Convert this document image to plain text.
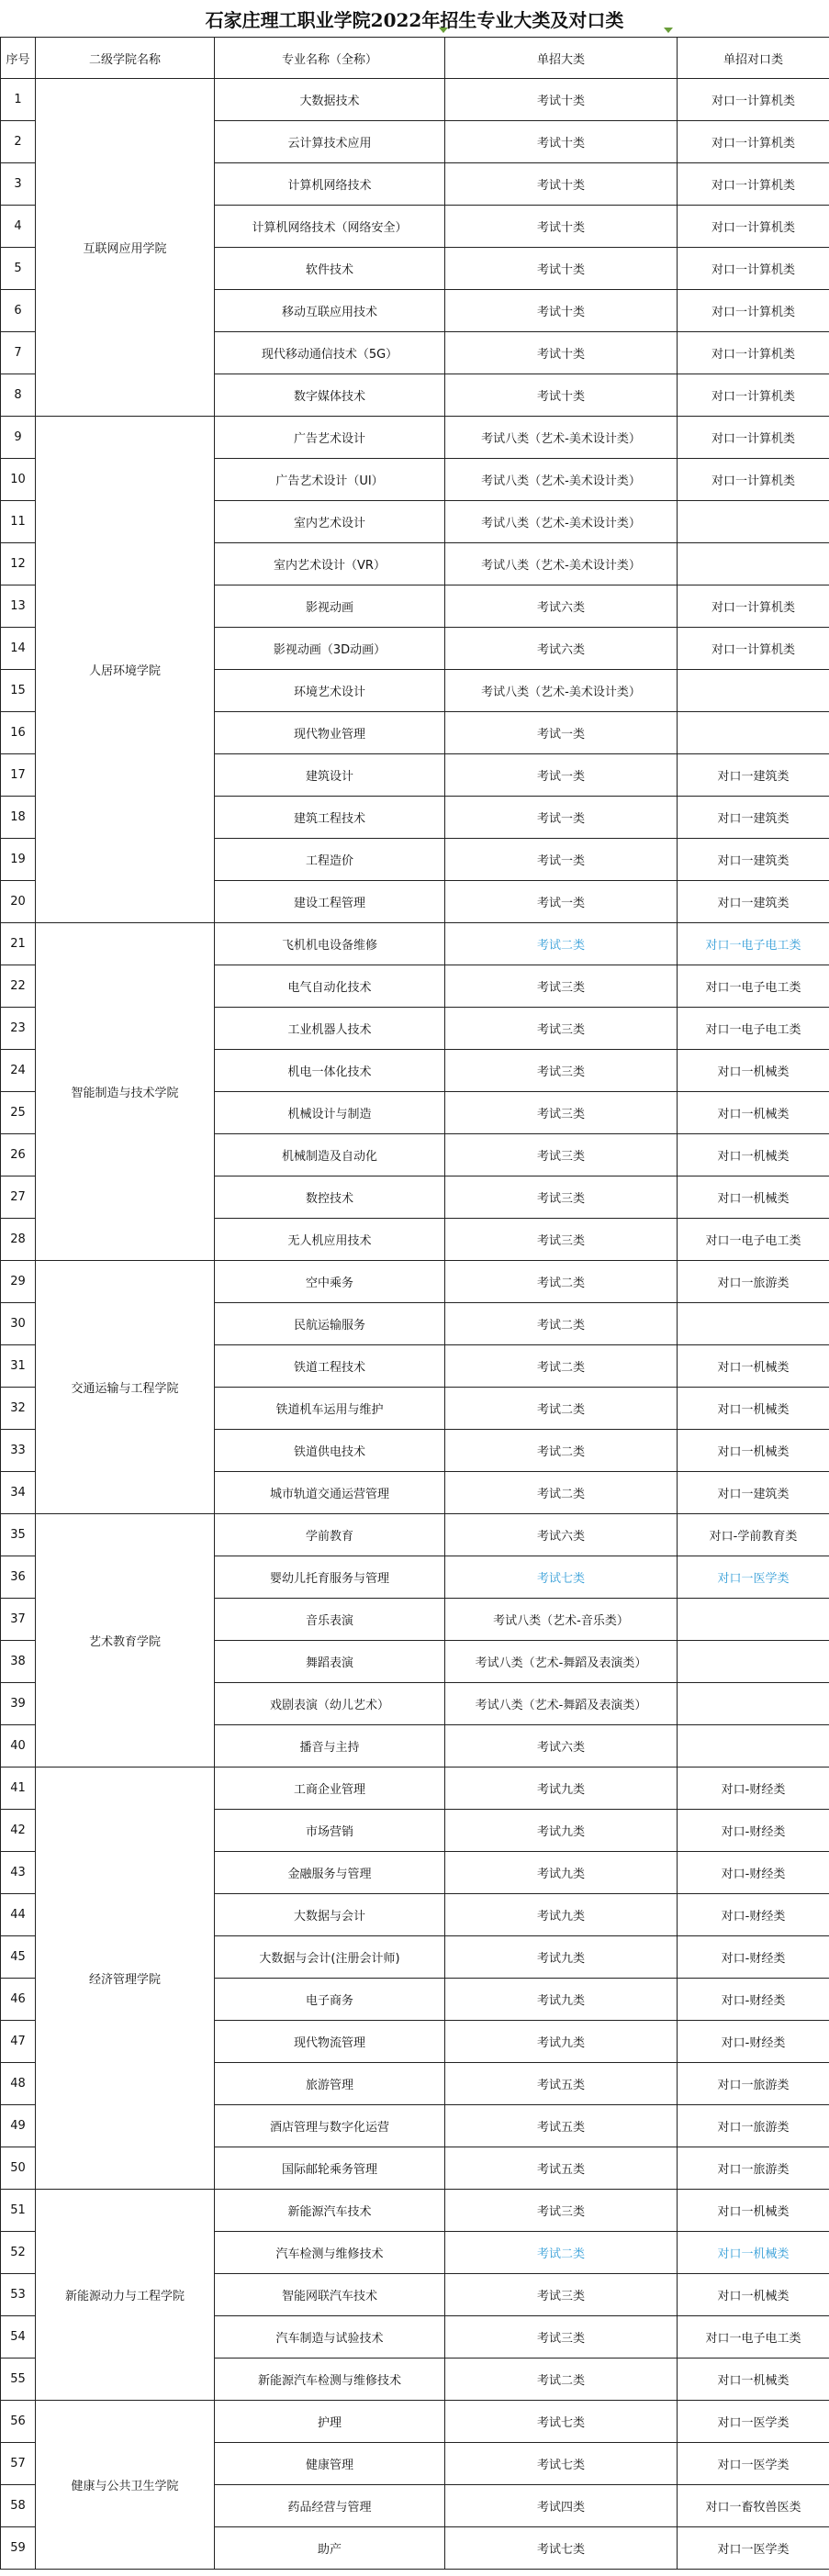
石家庄理工职业学院2022年招生专业大类及对口类
序号	二级学院名称	专业名称（全称）	单招大类	单招对口类
1	互联网应用学院	大数据技术	考试十类	对口一计算机类
2		云计算技术应用	考试十类	对口一计算机类
3		计算机网络技术	考试十类	对口一计算机类
4		计算机网络技术（网络安全）	考试十类	对口一计算机类
5		软件技术	考试十类	对口一计算机类
6		移动互联应用技术	考试十类	对口一计算机类
7		现代移动通信技术（5G）	考试十类	对口一计算机类
8		数字媒体技术	考试十类	对口一计算机类
9	人居环境学院	广告艺术设计	考试八类（艺术-美术设计类）	对口一计算机类
10		广告艺术设计（UI）	考试八类（艺术-美术设计类）	对口一计算机类
11		室内艺术设计	考试八类（艺术-美术设计类）	
12		室内艺术设计（VR）	考试八类（艺术-美术设计类）	
13		影视动画	考试六类	对口一计算机类
14		影视动画（3D动画）	考试六类	对口一计算机类
15		环境艺术设计	考试八类（艺术-美术设计类）	
16		现代物业管理	考试一类	
17		建筑设计	考试一类	对口一建筑类
18		建筑工程技术	考试一类	对口一建筑类
19		工程造价	考试一类	对口一建筑类
20		建设工程管理	考试一类	对口一建筑类
21	智能制造与技术学院	飞机机电设备维修	考试二类	对口一电子电工类
22		电气自动化技术	考试三类	对口一电子电工类
23		工业机器人技术	考试三类	对口一电子电工类
24		机电一体化技术	考试三类	对口一机械类
25		机械设计与制造	考试三类	对口一机械类
26		机械制造及自动化	考试三类	对口一机械类
27		数控技术	考试三类	对口一机械类
28		无人机应用技术	考试三类	对口一电子电工类
29	交通运输与工程学院	空中乘务	考试二类	对口一旅游类
30		民航运输服务	考试二类	
31		铁道工程技术	考试二类	对口一机械类
32		铁道机车运用与维护	考试二类	对口一机械类
33		铁道供电技术	考试二类	对口一机械类
34		城市轨道交通运营管理	考试二类	对口一建筑类
35	艺术教育学院	学前教育	考试六类	对口-学前教育类
36		婴幼儿托育服务与管理	考试七类	对口一医学类
37		音乐表演	考试八类（艺术-音乐类）	
38		舞蹈表演	考试八类（艺术-舞蹈及表演类）	
39		戏剧表演（幼儿艺术）	考试八类（艺术-舞蹈及表演类）	
40		播音与主持	考试六类	
41	经济管理学院	工商企业管理	考试九类	对口-财经类
42		市场营销	考试九类	对口-财经类
43		金融服务与管理	考试九类	对口-财经类
44		大数据与会计	考试九类	对口-财经类
45		大数据与会计(注册会计师)	考试九类	对口-财经类
46		电子商务	考试九类	对口-财经类
47		现代物流管理	考试九类	对口-财经类
48		旅游管理	考试五类	对口一旅游类
49		酒店管理与数字化运营	考试五类	对口一旅游类
50		国际邮轮乘务管理	考试五类	对口一旅游类
51	新能源动力与工程学院	新能源汽车技术	考试三类	对口一机械类
52		汽车检测与维修技术	考试二类	对口一机械类
53		智能网联汽车技术	考试三类	对口一机械类
54		汽车制造与试验技术	考试三类	对口一电子电工类
55		新能源汽车检测与维修技术	考试二类	对口一机械类
56	健康与公共卫生学院	护理	考试七类	对口一医学类
57		健康管理	考试七类	对口一医学类
58		药品经营与管理	考试四类	对口一畜牧兽医类
59		助产	考试七类	对口一医学类
